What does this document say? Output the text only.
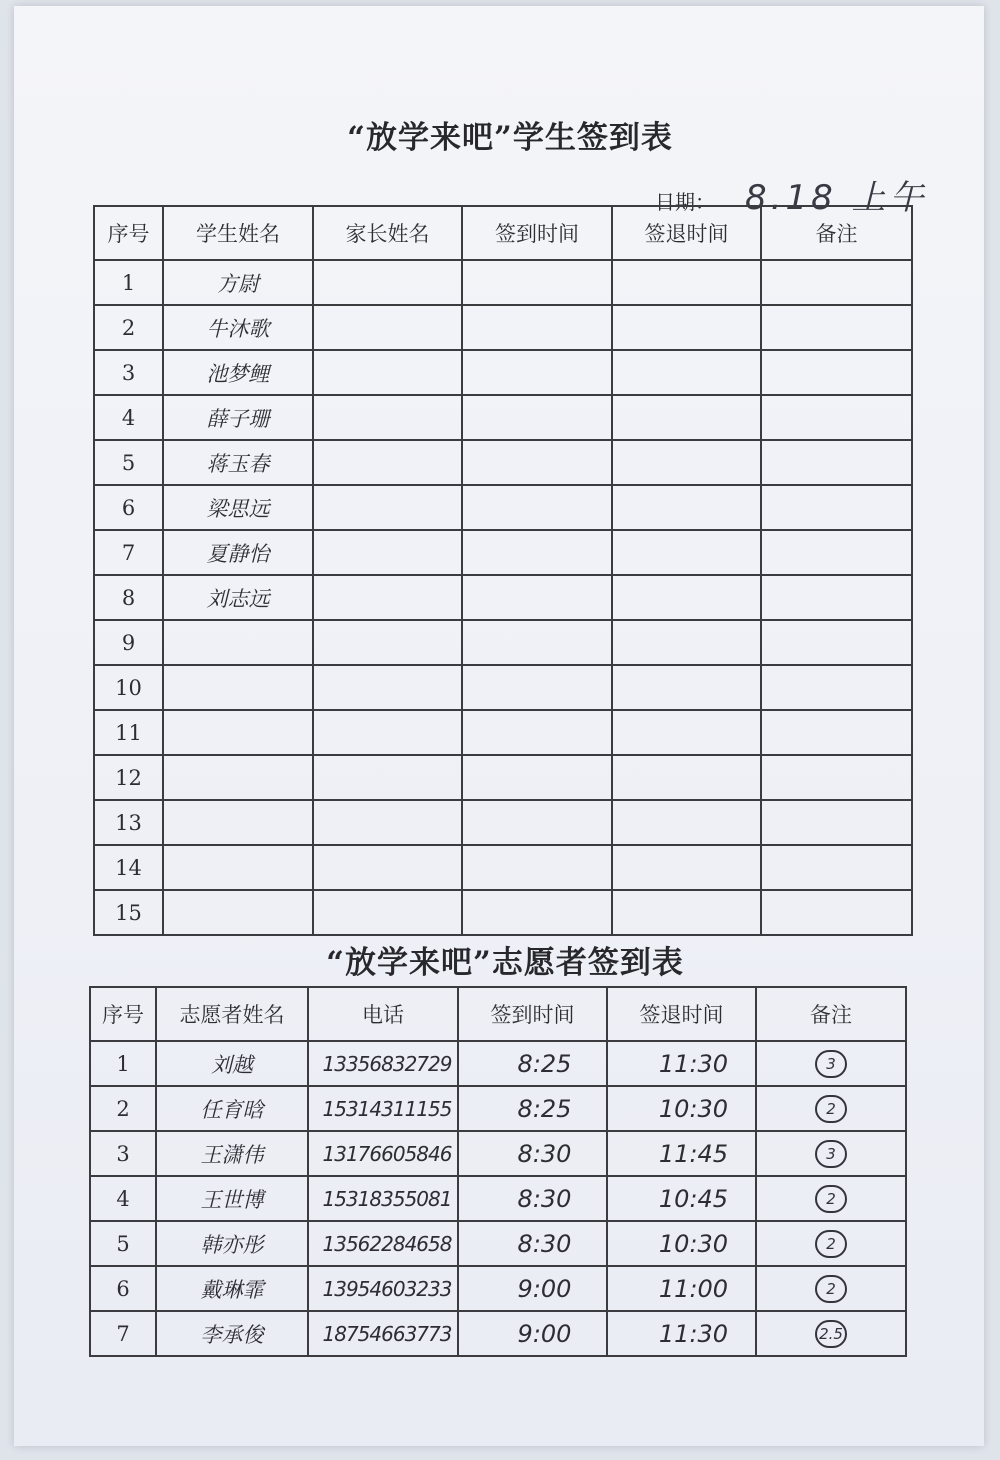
“放学来吧”学生签到表
日期： 8.18 上午
序号	学生姓名	家长姓名	签到时间	签退时间	备注
1	方尉				
2	牛沐歌				
3	池梦鲤				
4	薛子珊				
5	蒋玉春				
6	梁思远				
7	夏静怡				
8	刘志远				
9					
10					
11					
12					
13					
14					
15					
“放学来吧”志愿者签到表
序号	志愿者姓名	电话	签到时间	签退时间	备注
1	刘越	13356832729	8:25	11:30	3
2	任育晗	15314311155	8:25	10:30	2
3	王潇伟	13176605846	8:30	11:45	3
4	王世博	15318355081	8:30	10:45	2
5	韩亦彤	13562284658	8:30	10:30	2
6	戴琳霏	13954603233	9:00	11:00	2
7	李承俊	18754663773	9:00	11:30	2.5
